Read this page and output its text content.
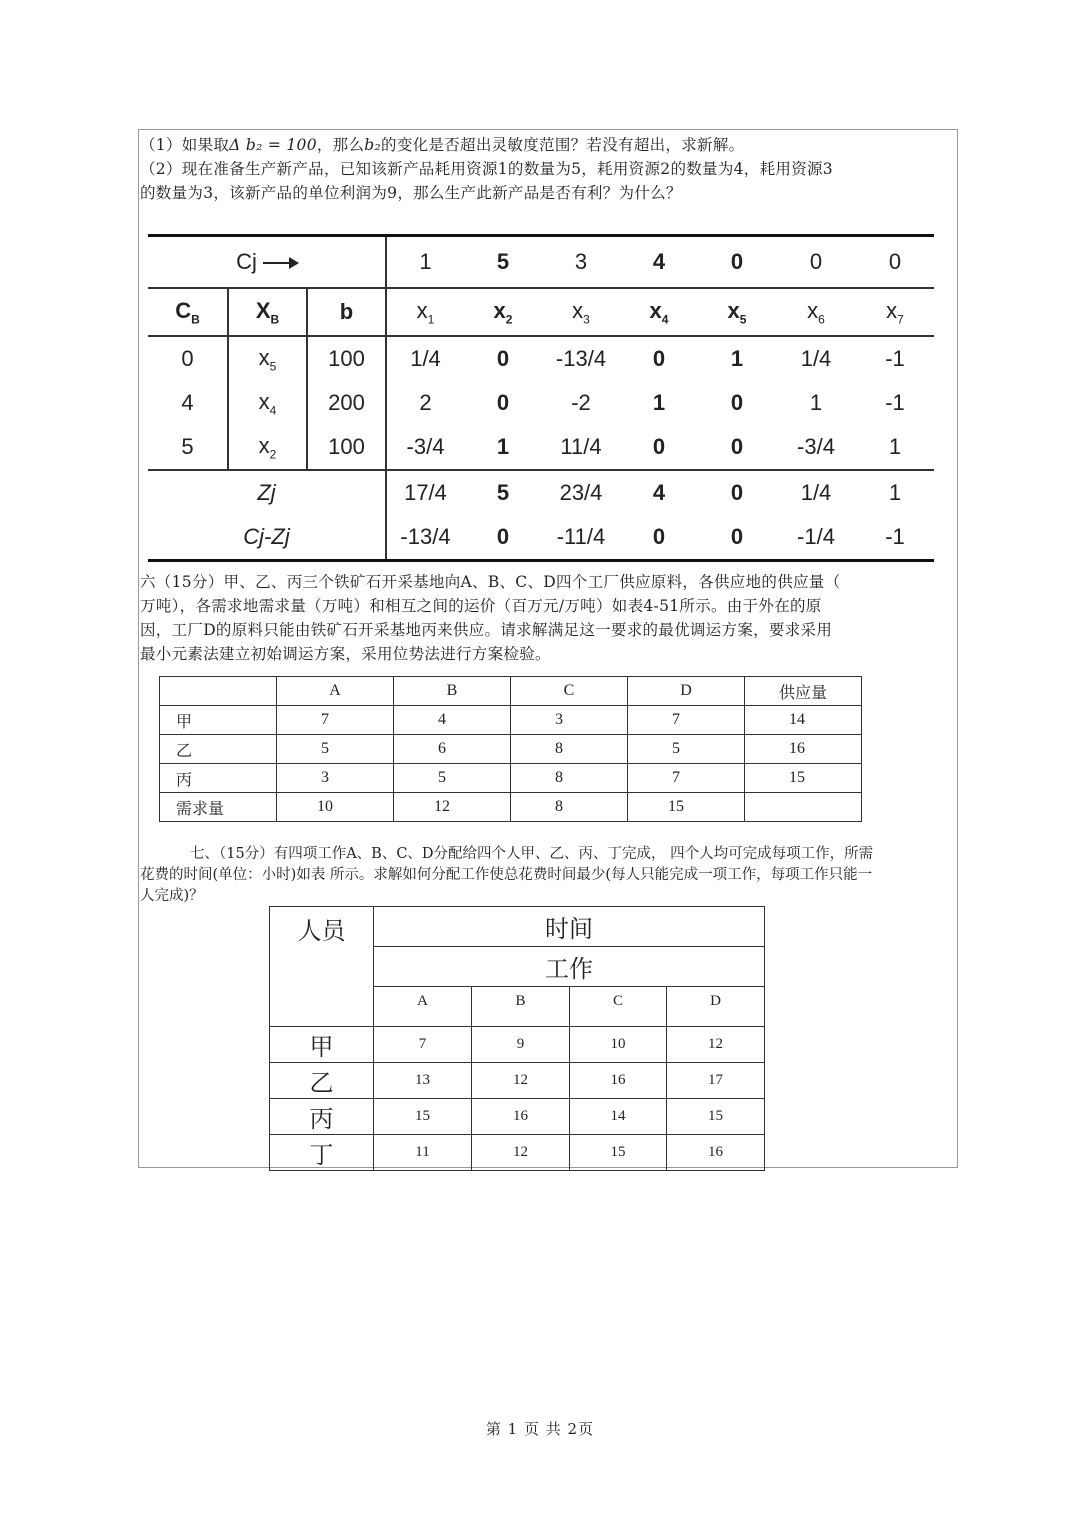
（1）如果取Δ b₂ = 100，那么b₂的变化是否超出灵敏度范围？若没有超出，求新解。

（2）现在准备生产新产品，已知该新产品耗用资源1的数量为5，耗用资源2的数量为4，耗用资源3

的数量为3，该新产品的单位利润为9，那么生产此新产品是否有利？为什么？

Cj			1	5	3	4	0	0	0
$C_B$	$X_B$	b	$x_1$	$x_2$	$x_3$	$x_4$	$x_5$	$x_6$	$x_7$
0	$x_5$	100	1/4	0	-13/4	0	1	1/4	-1
4	$x_4$	200	2	0	-2	1	0	1	-1
5	$x_2$	100	-3/4	1	11/4	0	0	-3/4	1
Zj			17/4	5	23/4	4	0	1/4	1
Cj-Zj			-13/4	0	-11/4	0	0	-1/4	-1

六（15分）甲、乙、丙三个铁矿石开采基地向A、B、C、D四个工厂供应原料，各供应地的供应量（

万吨），各需求地需求量（万吨）和相互之间的运价（百万元/万吨）如表4-51所示。由于外在的原

因，工厂D的原料只能由铁矿石开采基地丙来供应。请求解满足这一要求的最优调运方案，要求采用

最小元素法建立初始调运方案，采用位势法进行方案检验。

	A	B	C	D	供应量
甲	7	4	3	7	14
乙	5	6	8	5	16
丙	3	5	8	7	15
需求量	10	12	8	15	

七、（15分）有四项工作A、B、C、D分配给四个人甲、乙、丙、丁完成， 四个人均可完成每项工作，所需

花费的时间(单位：小时)如表 所示。求解如何分配工作使总花费时间最少(每人只能完成一项工作，每项工作只能一

人完成)？

人员	时间			
	工作			
	A	B	C	D
甲	7	9	10	12
乙	13	12	16	17
丙	15	16	14	15
丁	11	12	15	16
第 1 页 共 2页
